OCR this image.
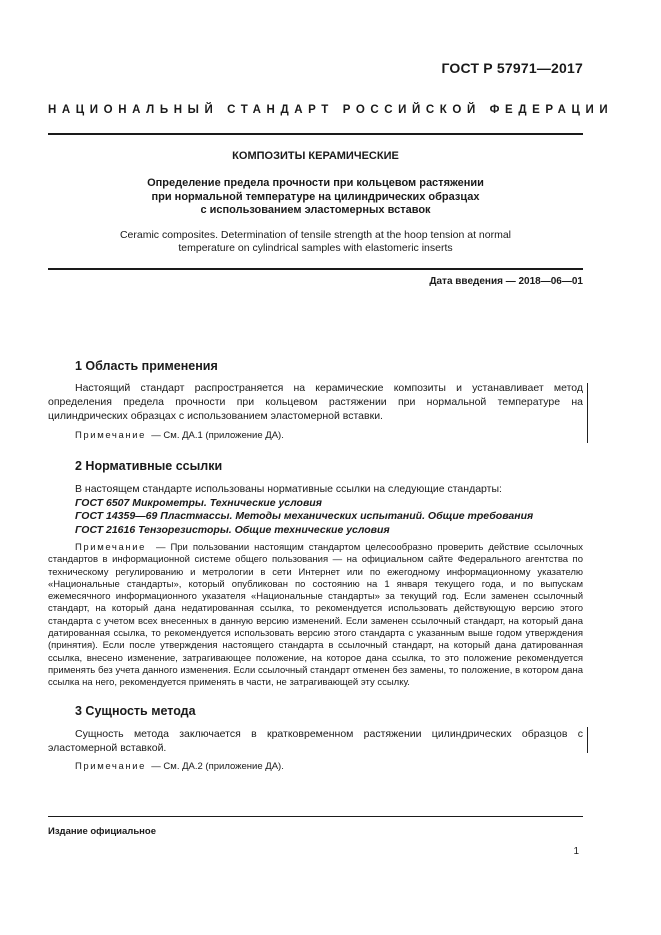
ГОСТ Р 57971—2017
НАЦИОНАЛЬНЫЙ СТАНДАРТ РОССИЙСКОЙ ФЕДЕРАЦИИ
КОМПОЗИТЫ КЕРАМИЧЕСКИЕ
Определение предела прочности при кольцевом растяжении
при нормальной температуре на цилиндрических образцах
с использованием эластомерных вставок
Ceramic composites. Determination of tensile strength at the hoop tension at normal
temperature on cylindrical samples with elastomeric inserts
Дата введения — 2018—06—01
1 Область применения

Настоящий стандарт распространяется на керамические композиты и устанавливает метод определения предела прочности при кольцевом растяжении при нормальной температуре на цилиндрических образцах с использованием эластомерной вставки.

Примечание — См. ДА.1 (приложение ДА).

2 Нормативные ссылки
В настоящем стандарте использованы нормативные ссылки на следующие стандарты:
ГОСТ 6507 Микрометры. Технические условия
ГОСТ 14359—69 Пластмассы. Методы механических испытаний. Общие требования
ГОСТ 21616 Тензорезисторы. Общие технические условия

Примечание — При пользовании настоящим стандартом целесообразно проверить действие ссылочных стандартов в информационной системе общего пользования — на официальном сайте Федерального агентства по техническому регулированию и метрологии в сети Интернет или по ежегодному информационному указателю «Национальные стандарты», который опубликован по состоянию на 1 января текущего года, и по выпускам ежемесячного информационного указателя «Национальные стандарты» за текущий год. Если заменен ссылочный стандарт, на который дана недатированная ссылка, то рекомендуется использовать действующую версию этого стандарта с учетом всех внесенных в данную версию изменений. Если заменен ссылочный стандарт, на который дана датированная ссылка, то рекомендуется использовать версию этого стандарта с указанным выше годом утверждения (принятия). Если после утверждения настоящего стандарта в ссылочный стандарт, на который дана датированная ссылка, внесено изменение, затрагивающее положение, на которое дана ссылка, то это положение рекомендуется применять без учета данного изменения. Если ссылочный стандарт отменен без замены, то положение, в котором дана ссылка на него, рекомендуется применять в части, не затрагивающей эту ссылку.

3 Сущность метода

Сущность метода заключается в кратковременном растяжении цилиндрических образцов с эластомерной вставкой.

Примечание — См. ДА.2 (приложение ДА).

Издание официальное
1
